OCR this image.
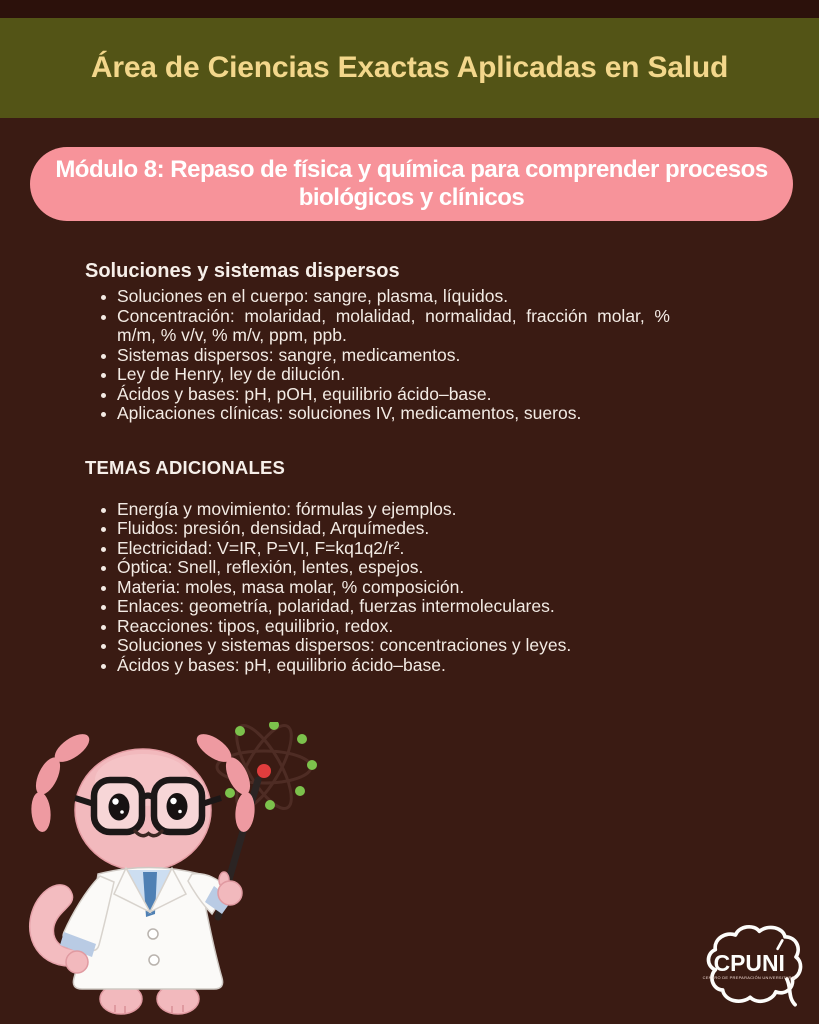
Área de Ciencias Exactas Aplicadas en Salud
Módulo 8: Repaso de física y química para comprender procesos biológicos y clínicos
Soluciones y sistemas dispersos
Soluciones en el cuerpo: sangre, plasma, líquidos.
Concentración: molaridad, molalidad, normalidad, fracción molar, % m/m, % v/v, % m/v, ppm, ppb.
Sistemas dispersos: sangre, medicamentos.
Ley de Henry, ley de dilución.
Ácidos y bases: pH, pOH, equilibrio ácido–base.
Aplicaciones clínicas: soluciones IV, medicamentos, sueros.
TEMAS ADICIONALES
Energía y movimiento: fórmulas y ejemplos.
Fluidos: presión, densidad, Arquímedes.
Electricidad: V=IR, P=VI, F=kq1q2/r².
Óptica: Snell, reflexión, lentes, espejos.
Materia: moles, masa molar, % composición.
Enlaces: geometría, polaridad, fuerzas intermoleculares.
Reacciones: tipos, equilibrio, redox.
Soluciones y sistemas dispersos: concentraciones y leyes.
Ácidos y bases: pH, equilibrio ácido–base.
CPUNI
CENTRO DE PREPARACIÓN UNIVERSITARIA
